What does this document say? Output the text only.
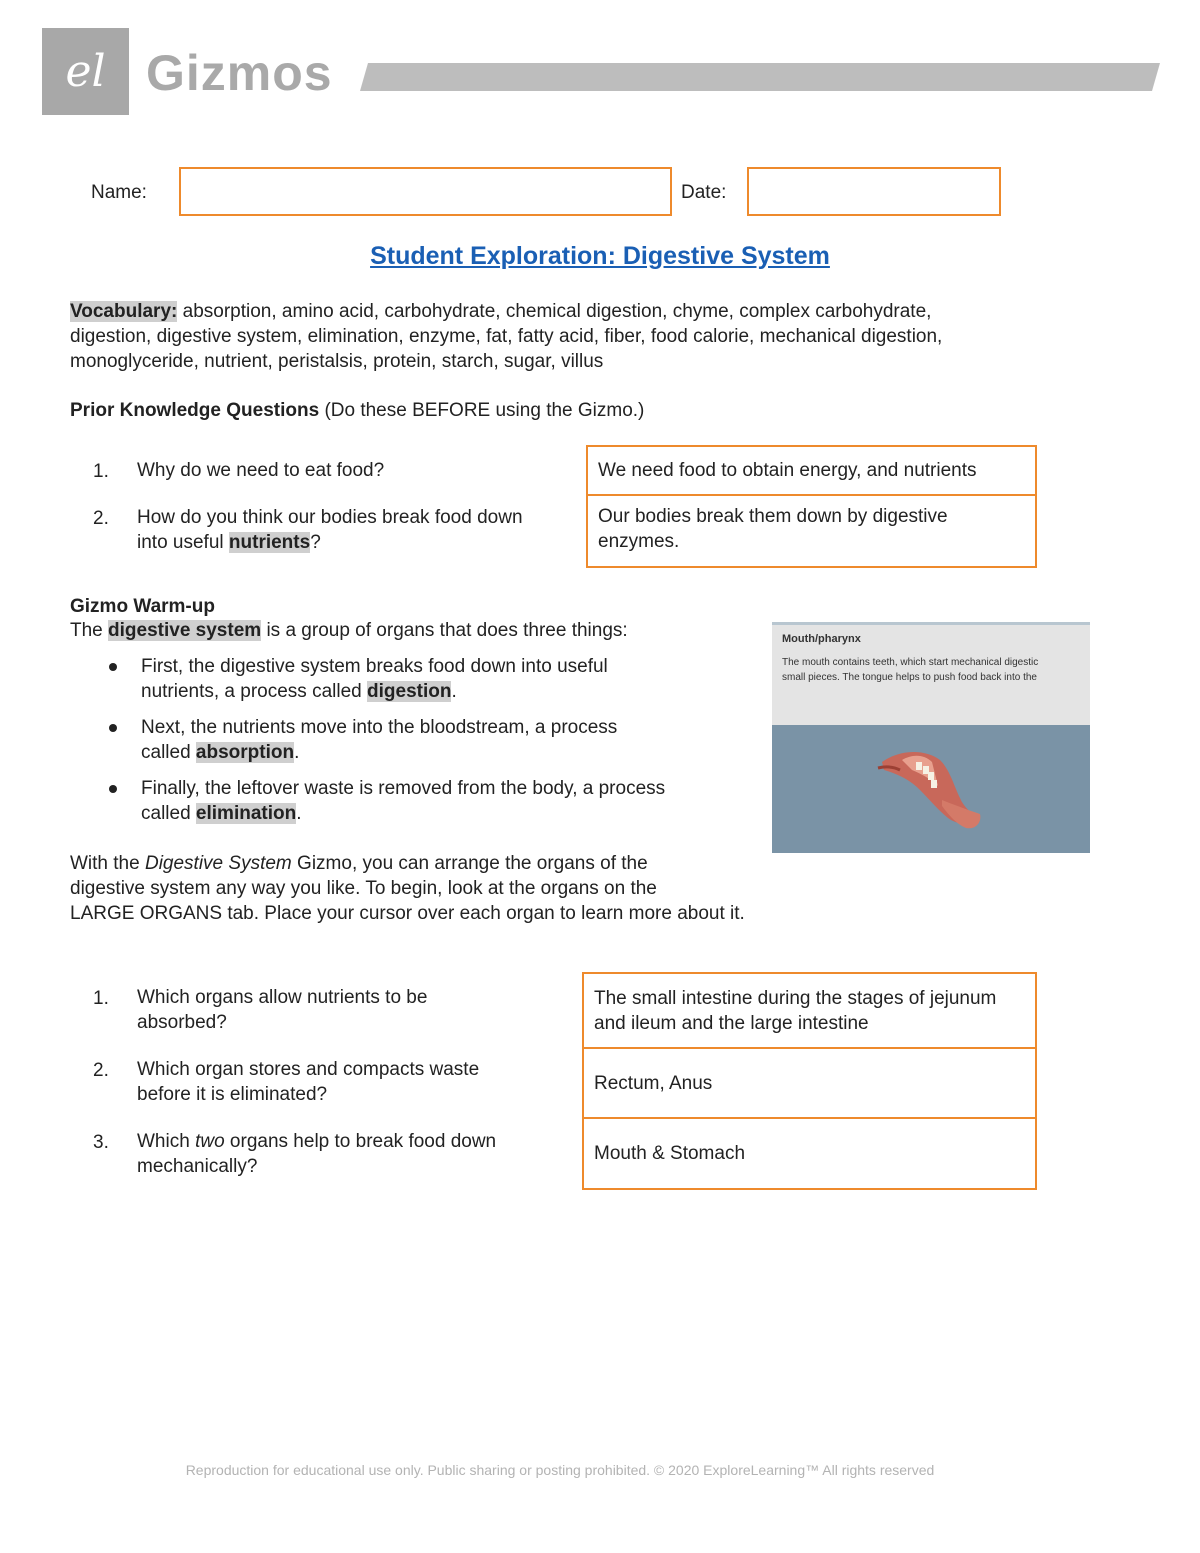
el Gizmos
Name:	Date:
Student Exploration: Digestive System
Vocabulary: absorption, amino acid, carbohydrate, chemical digestion, chyme, complex carbohydrate,
digestion, digestive system, elimination, enzyme, fat, fatty acid, fiber, food calorie, mechanical digestion,
monoglyceride, nutrient, peristalsis, protein, starch, sugar, villus
Prior Knowledge Questions (Do these BEFORE using the Gizmo.)
1. Why do we need to eat food?
2. How do you think our bodies break food down
into useful nutrients?
We need food to obtain energy, and nutrients
Our bodies break them down by digestive enzymes.
Gizmo Warm-up
The digestive system is a group of organs that does three things:
First, the digestive system breaks food down into useful
nutrients, a process called digestion.
Next, the nutrients move into the bloodstream, a process
called absorption.
Finally, the leftover waste is removed from the body, a process
called elimination.
With the Digestive System Gizmo, you can arrange the organs of the
digestive system any way you like. To begin, look at the organs on the
LARGE ORGANS tab. Place your cursor over each organ to learn more about it.
Mouth/pharynx
The mouth contains teeth, which start mechanical digestic
small pieces. The tongue helps to push food back into the
1. Which organs allow nutrients to be
absorbed?
2. Which organ stores and compacts waste
before it is eliminated?
3. Which two organs help to break food down
mechanically?
The small intestine during the stages of jejunum and ileum and the large intestine
Rectum, Anus
Mouth & Stomach
Reproduction for educational use only. Public sharing or posting prohibited. © 2020 ExploreLearning™ All rights reserved
